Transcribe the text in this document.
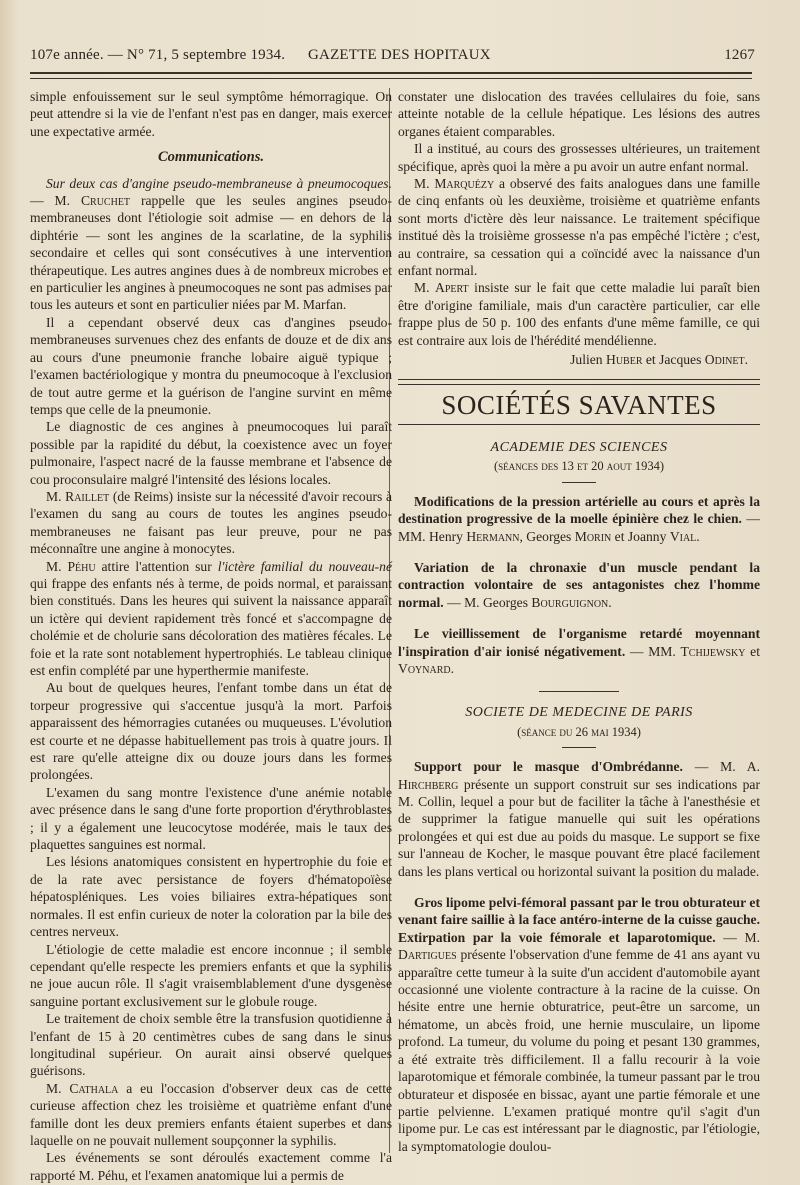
107e année. — N° 71, 5 septembre 1934. GAZETTE DES HOPITAUX	1267

simple enfouissement sur le seul symptôme hémorragique. On peut attendre si la vie de l'enfant n'est pas en danger, mais exercer une expectative armée.

Communications.

Sur deux cas d'angine pseudo-membraneuse à pneumocoques. — M. Cruchet rappelle que les seules angines pseudo-membraneuses dont l'étiologie soit admise — en dehors de la diphtérie — sont les angines de la scarlatine, de la syphilis secondaire et celles qui sont consécutives à une intervention thérapeutique. Les autres angines dues à de nombreux microbes et en particulier les angines à pneumocoques ne sont pas admises par tous les auteurs et sont en particulier niées par M. Marfan.

Il a cependant observé deux cas d'angines pseudo-membraneuses survenues chez des enfants de douze et de dix ans au cours d'une pneumonie franche lobaire aiguë typique ; l'examen bactériologique y montra du pneumocoque à l'exclusion de tout autre germe et la guérison de l'angine survint en même temps que celle de la pneumonie.

Le diagnostic de ces angines à pneumocoques lui paraît possible par la rapidité du début, la coexistence avec un foyer pulmonaire, l'aspect nacré de la fausse membrane et l'absence de cou proconsulaire malgré l'intensité des lésions locales.

M. Raillet (de Reims) insiste sur la nécessité d'avoir recours à l'examen du sang au cours de toutes les angines pseudo-membraneuses ne faisant pas leur preuve, pour ne pas méconnaître une angine à monocytes.

M. Péhu attire l'attention sur l'ictère familial du nouveau-né qui frappe des enfants nés à terme, de poids normal, et paraissant bien constitués. Dans les heures qui suivent la naissance apparaît un ictère qui devient rapidement très foncé et s'accompagne de cholémie et de cholurie sans décoloration des matières fécales. Le foie et la rate sont notablement hypertrophiés. Le tableau clinique est enfin complété par une hyperthermie manifeste.

Au bout de quelques heures, l'enfant tombe dans un état de torpeur progressive qui s'accentue jusqu'à la mort. Parfois apparaissent des hémorragies cutanées ou muqueuses. L'évolution est courte et ne dépasse habituellement pas trois à quatre jours. Il est rare qu'elle atteigne dix ou douze jours dans les formes prolongées.

L'examen du sang montre l'existence d'une anémie notable avec présence dans le sang d'une forte proportion d'érythroblastes ; il y a également une leucocytose modérée, mais le taux des plaquettes sanguines est normal.

Les lésions anatomiques consistent en hypertrophie du foie et de la rate avec persistance de foyers d'hématopoïèse hépatospléniques. Les voies biliaires extra-hépatiques sont normales. Il est enfin curieux de noter la coloration par la bile des centres nerveux.

L'étiologie de cette maladie est encore inconnue ; il semble cependant qu'elle respecte les premiers enfants et que la syphilis ne joue aucun rôle. Il s'agit vraisemblablement d'une dysgenèse sanguine portant exclusivement sur le globule rouge.

Le traitement de choix semble être la transfusion quotidienne à l'enfant de 15 à 20 centimètres cubes de sang dans le sinus longitudinal supérieur. On aurait ainsi observé quelques guérisons.

M. Cathala a eu l'occasion d'observer deux cas de cette curieuse affection chez les troisième et quatrième enfant d'une famille dont les deux premiers enfants étaient superbes et dans laquelle on ne pouvait nullement soupçonner la syphilis.

Les événements se sont déroulés exactement comme l'a rapporté M. Péhu, et l'examen anatomique lui a permis de

constater une dislocation des travées cellulaires du foie, sans atteinte notable de la cellule hépatique. Les lésions des autres organes étaient comparables.

Il a institué, au cours des grossesses ultérieures, un traitement spécifique, après quoi la mère a pu avoir un autre enfant normal.

M. Marquézy a observé des faits analogues dans une famille de cinq enfants où les deuxième, troisième et quatrième enfants sont morts d'ictère dès leur naissance. Le traitement spécifique institué dès la troisième grossesse n'a pas empêché l'ictère ; c'est, au contraire, sa cessation qui a coïncidé avec la naissance d'un enfant normal.

M. Apert insiste sur le fait que cette maladie lui paraît bien être d'origine familiale, mais d'un caractère particulier, car elle frappe plus de 50 p. 100 des enfants d'une même famille, ce qui est contraire aux lois de l'hérédité mendélienne.

Julien Huber et Jacques Odinet.
SOCIÉTÉS SAVANTES
ACADEMIE DES SCIENCES
(séances des 13 et 20 aout 1934)

Modifications de la pression artérielle au cours et après la destination progressive de la moelle épinière chez le chien. — MM. Henry Hermann, Georges Morin et Joanny Vial.

Variation de la chronaxie d'un muscle pendant la contraction volontaire de ses antagonistes chez l'homme normal. — M. Georges Bourguignon.

Le vieillissement de l'organisme retardé moyennant l'inspiration d'air ionisé négativement. — MM. Tchijewsky et Voynard.

SOCIETE DE MEDECINE DE PARIS
(séance du 26 mai 1934)

Support pour le masque d'Ombrédanne. — M. A. Hirchberg présente un support construit sur ses indications par M. Collin, lequel a pour but de faciliter la tâche à l'anesthésie et de supprimer la fatigue manuelle qui suit les opérations prolongées et qui est due au poids du masque. Le support se fixe sur l'anneau de Kocher, le masque pouvant être placé facilement dans les plans vertical ou horizontal suivant la position du malade.

Gros lipome pelvi-fémoral passant par le trou obturateur et venant faire saillie à la face antéro-interne de la cuisse gauche. Extirpation par la voie fémorale et laparotomique. — M. Dartigues présente l'observation d'une femme de 41 ans ayant vu apparaître cette tumeur à la suite d'un accident d'automobile ayant occasionné une violente contracture à la racine de la cuisse. On hésite entre une hernie obturatrice, peut-être un sarcome, un hématome, un abcès froid, une hernie musculaire, un lipome profond. La tumeur, du volume du poing et pesant 130 grammes, a été extraite très difficilement. Il a fallu recourir à la voie laparotomique et fémorale combinée, la tumeur passant par le trou obturateur et disposée en bissac, ayant une partie fémorale et une partie pelvienne. L'examen pratiqué montre qu'il s'agit d'un lipome pur. Le cas est intéressant par le diagnostic, par l'étiologie, la symptomatologie doulou-
